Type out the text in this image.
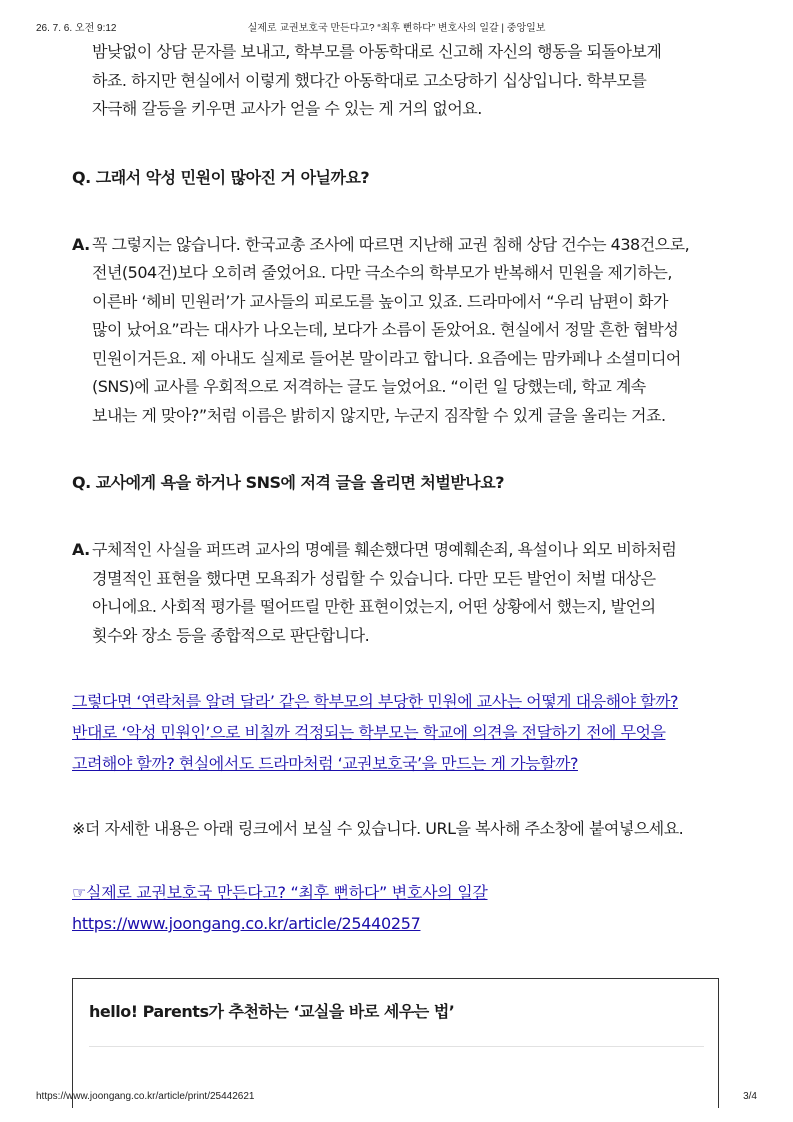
26. 7. 6. 오전 9:12	실제로 교권보호국 만든다고? “최후 뻔하다” 변호사의 일갈 | 중앙일보

밤낮없이 상담 문자를 보내고, 학부모를 아동학대로 신고해 자신의 행동을 되돌아보게

하죠. 하지만 현실에서 이렇게 했다간 아동학대로 고소당하기 십상입니다. 학부모를

자극해 갈등을 키우면 교사가 얻을 수 있는 게 거의 없어요.

Q. 그래서 악성 민원이 많아진 거 아닐까요?
A. 꼭 그렇지는 않습니다. 한국교총 조사에 따르면 지난해 교권 침해 상담 건수는 438건으로,

전년(504건)보다 오히려 줄었어요. 다만 극소수의 학부모가 반복해서 민원을 제기하는,

이른바 ‘헤비 민원러’가 교사들의 피로도를 높이고 있죠. 드라마에서 “우리 남편이 화가

많이 났어요”라는 대사가 나오는데, 보다가 소름이 돋았어요. 현실에서 정말 흔한 협박성

민원이거든요. 제 아내도 실제로 들어본 말이라고 합니다. 요즘에는 맘카페나 소셜미디어

(SNS)에 교사를 우회적으로 저격하는 글도 늘었어요. “이런 일 당했는데, 학교 계속

보내는 게 맞아?”처럼 이름은 밝히지 않지만, 누군지 짐작할 수 있게 글을 올리는 거죠.

Q. 교사에게 욕을 하거나 SNS에 저격 글을 올리면 처벌받나요?
A. 구체적인 사실을 퍼뜨려 교사의 명예를 훼손했다면 명예훼손죄, 욕설이나 외모 비하처럼

경멸적인 표현을 했다면 모욕죄가 성립할 수 있습니다. 다만 모든 발언이 처벌 대상은

아니에요. 사회적 평가를 떨어뜨릴 만한 표현이었는지, 어떤 상황에서 했는지, 발언의

횟수와 장소 등을 종합적으로 판단합니다.

그렇다면 ‘연락처를 알려 달라’ 같은 학부모의 부당한 민원에 교사는 어떻게 대응해야 할까?
반대로 ‘악성 민원인’으로 비칠까 걱정되는 학부모는 학교에 의견을 전달하기 전에 무엇을
고려해야 할까? 현실에서도 드라마처럼 ‘교권보호국’을 만드는 게 가능할까?
※더 자세한 내용은 아래 링크에서 보실 수 있습니다. URL을 복사해 주소창에 붙여넣으세요.
☞실제로 교권보호국 만든다고? “최후 뻔하다” 변호사의 일갈
https://www.joongang.co.kr/article/25440257
hello! Parents가 추천하는 ‘교실을 바로 세우는 법’
https://www.joongang.co.kr/article/print/25442621	3/4
